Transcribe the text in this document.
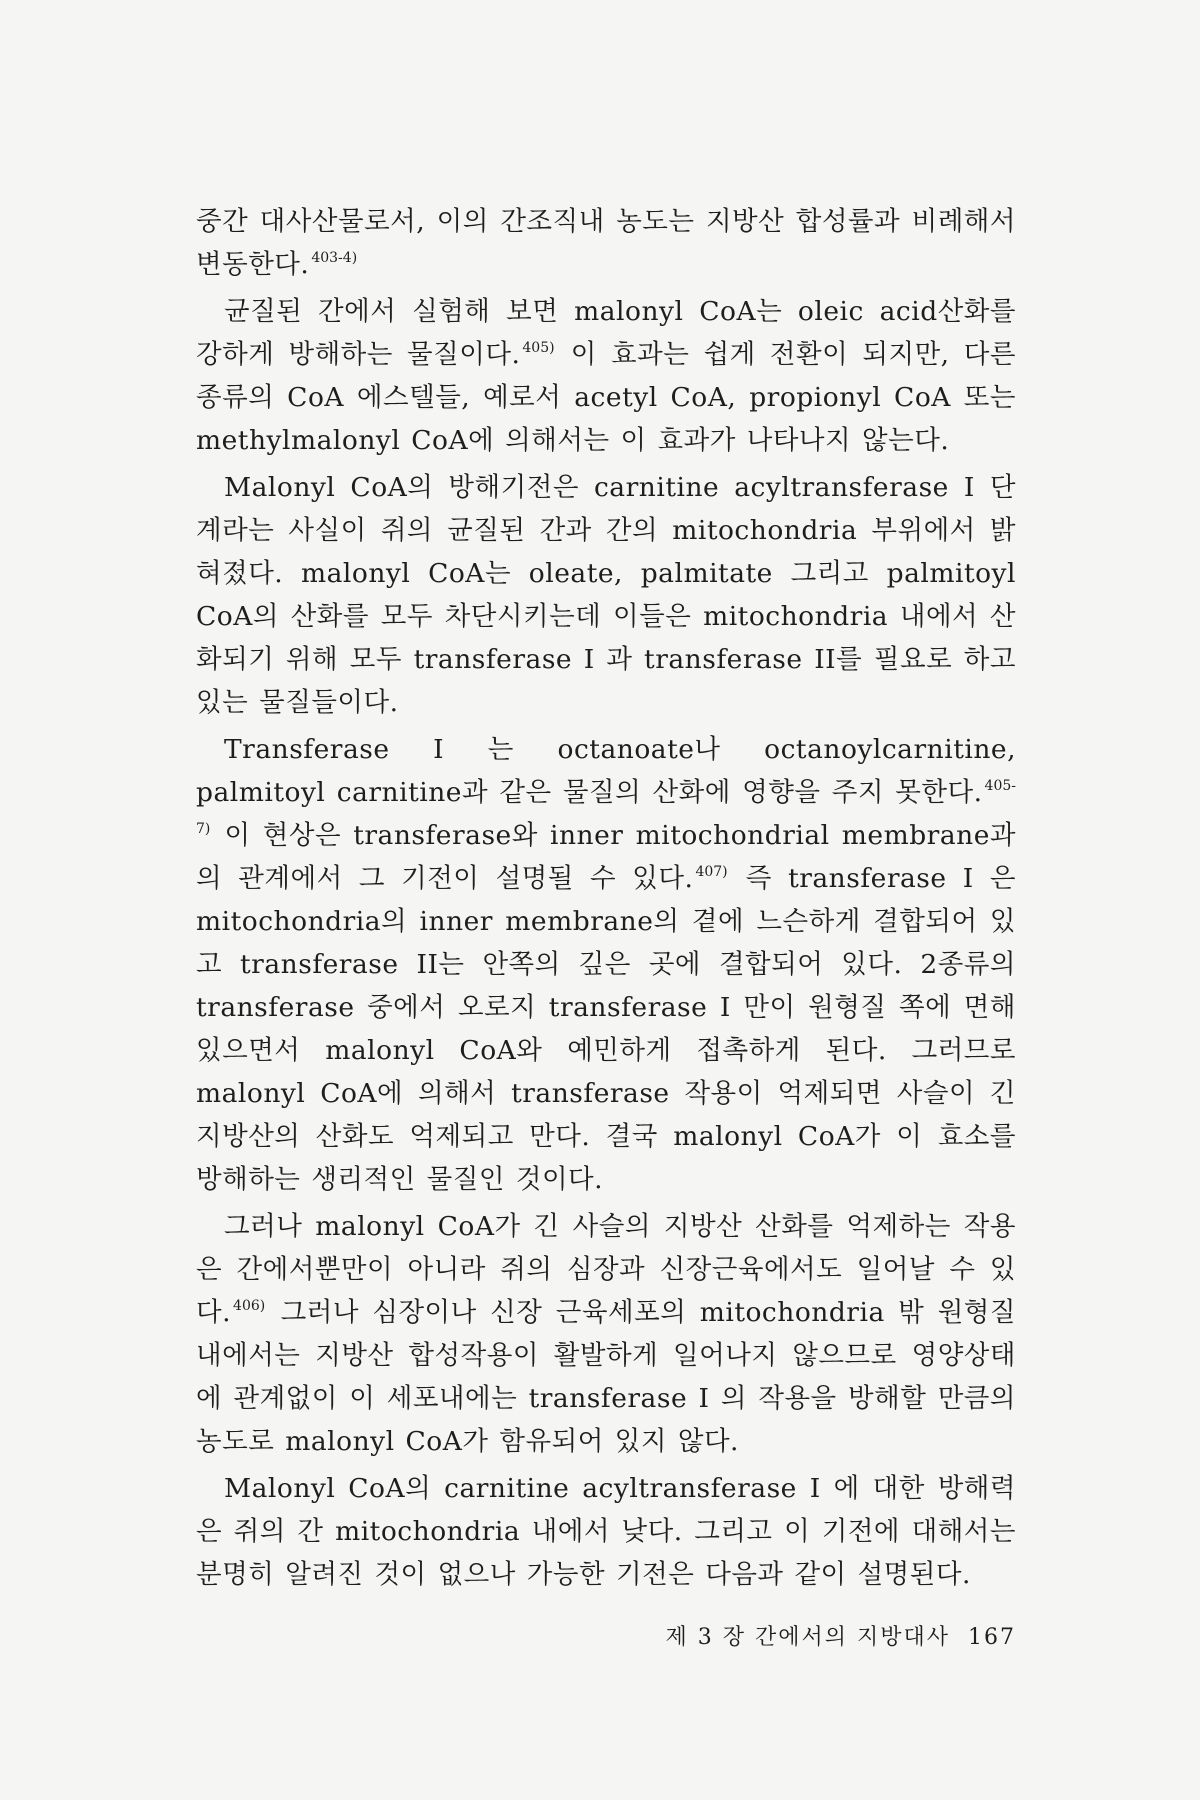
중간 대사산물로서, 이의 간조직내 농도는 지방산 합성률과 비례해서 변동한다. $^{403-4)}$

균질된 간에서 실험해 보면 malonyl CoA는 oleic acid산화를 강하게 방해하는 물질이다. $^{405)}$ 이 효과는 쉽게 전환이 되지만, 다른 종류의 CoA 에스텔들, 예로서 acetyl CoA, propionyl CoA 또는 methylmalonyl CoA에 의해서는 이 효과가 나타나지 않는다.

Malonyl CoA의 방해기전은 carnitine acyltransferase I 단계라는 사실이 쥐의 균질된 간과 간의 mitochondria 부위에서 밝혀졌다. malonyl CoA는 oleate, palmitate 그리고 palmitoyl CoA의 산화를 모두 차단시키는데 이들은 mitochondria 내에서 산화되기 위해 모두 transferase I 과 transferase II를 필요로 하고 있는 물질들이다.

Transferase I 는 octanoate나 octanoylcarnitine, palmitoyl carnitine과 같은 물질의 산화에 영향을 주지 못한다. $^{405-7)}$ 이 현상은 transferase와 inner mitochondrial membrane과의 관계에서 그 기전이 설명될 수 있다. $^{407)}$ 즉 transferase I 은 mitochondria의 inner membrane의 곁에 느슨하게 결합되어 있고 transferase II는 안쪽의 깊은 곳에 결합되어 있다. 2종류의 transferase 중에서 오로지 transferase I 만이 원형질 쪽에 면해 있으면서 malonyl CoA와 예민하게 접촉하게 된다. 그러므로 malonyl CoA에 의해서 transferase 작용이 억제되면 사슬이 긴 지방산의 산화도 억제되고 만다. 결국 malonyl CoA가 이 효소를 방해하는 생리적인 물질인 것이다.

그러나 malonyl CoA가 긴 사슬의 지방산 산화를 억제하는 작용은 간에서뿐만이 아니라 쥐의 심장과 신장근육에서도 일어날 수 있다. $^{406)}$ 그러나 심장이나 신장 근육세포의 mitochondria 밖 원형질내에서는 지방산 합성작용이 활발하게 일어나지 않으므로 영양상태에 관계없이 이 세포내에는 transferase I 의 작용을 방해할 만큼의 농도로 malonyl CoA가 함유되어 있지 않다.

Malonyl CoA의 carnitine acyltransferase I 에 대한 방해력은 쥐의 간 mitochondria 내에서 낮다. 그리고 이 기전에 대해서는 분명히 알려진 것이 없으나 가능한 기전은 다음과 같이 설명된다.

제 3 장 간에서의 지방대사 167
